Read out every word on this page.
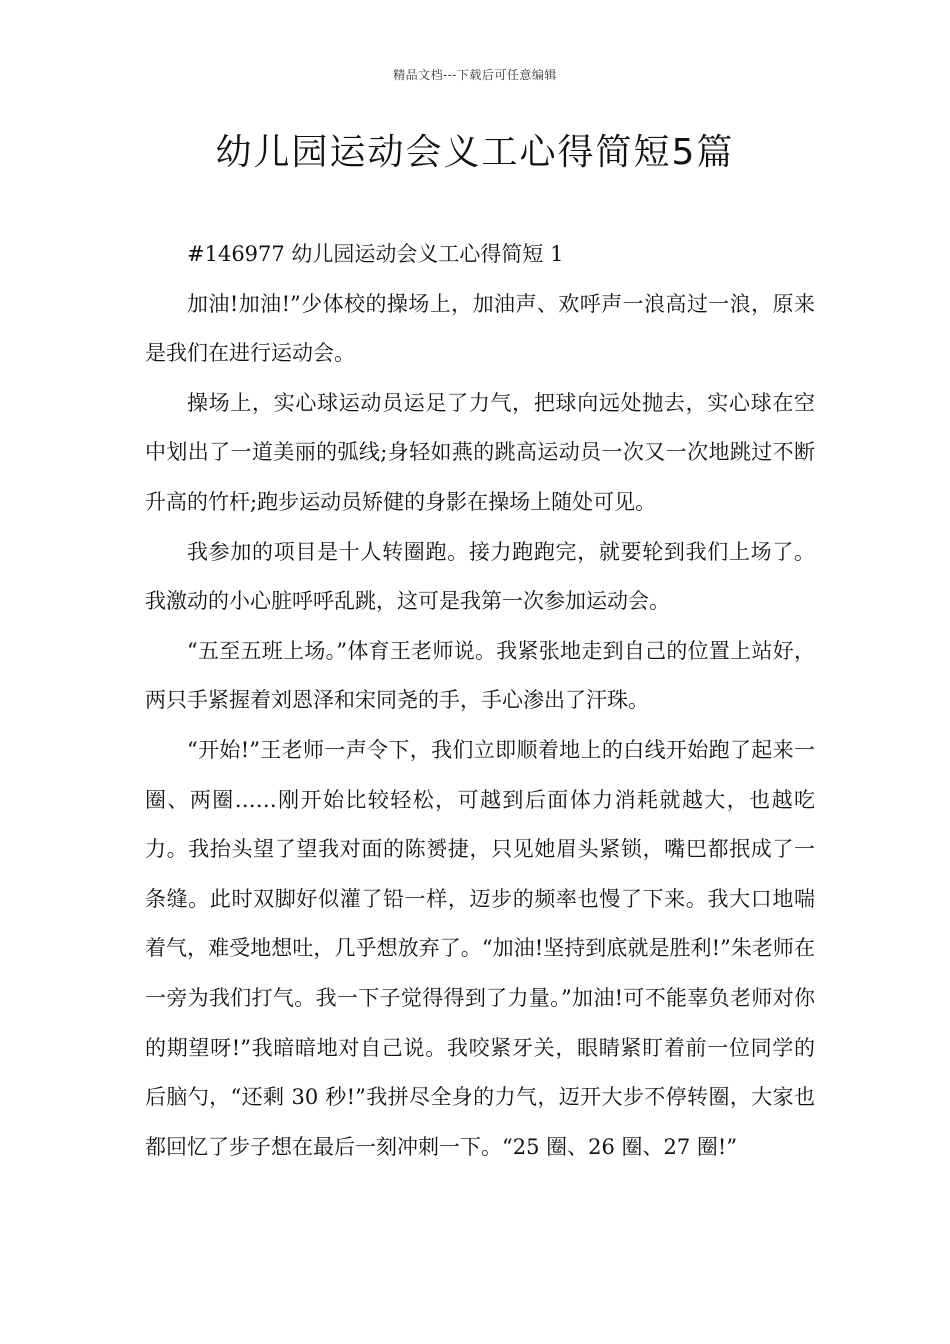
精品文档---下载后可任意编辑
幼儿园运动会义工心得简短5篇

#146977 幼儿园运动会义工心得简短 1

加油!加油!”少体校的操场上，加油声、欢呼声一浪高过一浪，原来是我们在进行运动会。

操场上，实心球运动员运足了力气，把球向远处抛去，实心球在空中划出了一道美丽的弧线;身轻如燕的跳高运动员一次又一次地跳过不断升高的竹杆;跑步运动员矫健的身影在操场上随处可见。

我参加的项目是十人转圈跑。接力跑跑完，就要轮到我们上场了。我激动的小心脏呼呼乱跳，这可是我第一次参加运动会。

“五至五班上场。”体育王老师说。我紧张地走到自己的位置上站好，两只手紧握着刘恩泽和宋同尧的手，手心渗出了汗珠。

“开始!”王老师一声令下，我们立即顺着地上的白线开始跑了起来一圈、两圈……刚开始比较轻松，可越到后面体力消耗就越大，也越吃力。我抬头望了望我对面的陈赟捷，只见她眉头紧锁，嘴巴都抿成了一条缝。此时双脚好似灌了铅一样，迈步的频率也慢了下来。我大口地喘着气，难受地想吐，几乎想放弃了。“加油!坚持到底就是胜利!”朱老师在一旁为我们打气。我一下子觉得得到了力量。”加油!可不能辜负老师对你的期望呀!”我暗暗地对自己说。我咬紧牙关，眼睛紧盯着前一位同学的后脑勺，“还剩 30 秒!”我拼尽全身的力气，迈开大步不停转圈，大家也都回忆了步子想在最后一刻冲刺一下。“25 圈、26 圈、27 圈!”
